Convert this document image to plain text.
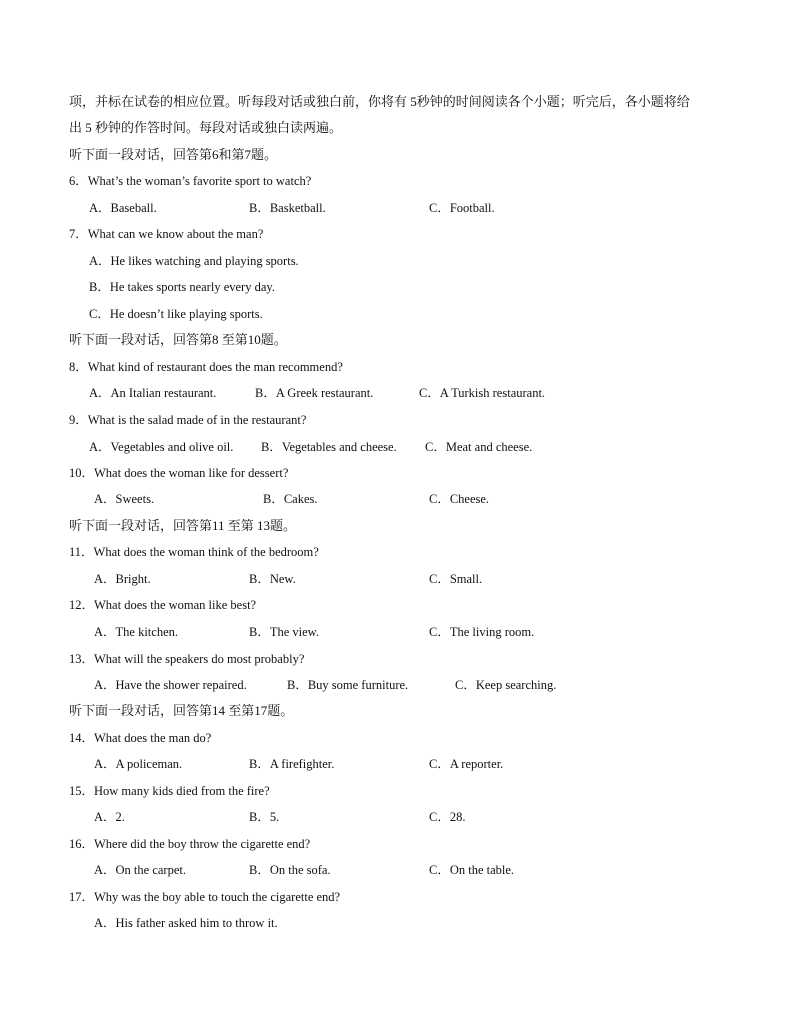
项，并标在试卷的相应位置。听每段对话或独白前，你将有 5秒钟的时间阅读各个小题；听完后，各小题将给
出 5 秒钟的作答时间。每段对话或独白读两遍。
听下面一段对话，回答第6和第7题。
6．What’s the woman’s favorite sport to watch?
A．Baseball.	B．Basketball.	C．Football.
7．What can we know about the man?
A．He likes watching and playing sports.
B．He takes sports nearly every day.
C．He doesn’t like playing sports.
听下面一段对话，回答第8 至第10题。
8．What kind of restaurant does the man recommend?
A．An Italian restaurant.	B．A Greek restaurant.	C．A Turkish restaurant.
9．What is the salad made of in the restaurant?
A．Vegetables and olive oil. B．Vegetables and cheese. C．Meat and cheese.
10．What does the woman like for dessert?
A．Sweets.	B．Cakes.	C．Cheese.
听下面一段对话，回答第11 至第 13题。
11．What does the woman think of the bedroom?
A．Bright.	B．New.	C．Small.
12．What does the woman like best?
A．The kitchen.	B．The view.	C．The living room.
13．What will the speakers do most probably?
A．Have the shower repaired.	B．Buy some furniture.	C．Keep searching.
听下面一段对话，回答第14 至第17题。
14．What does the man do?
A．A policeman.	B．A firefighter.	C．A reporter.
15．How many kids died from the fire?
A．2.	B．5.	C．28.
16．Where did the boy throw the cigarette end?
A．On the carpet.	B．On the sofa.	C．On the table.
17．Why was the boy able to touch the cigarette end?
A．His father asked him to throw it.
